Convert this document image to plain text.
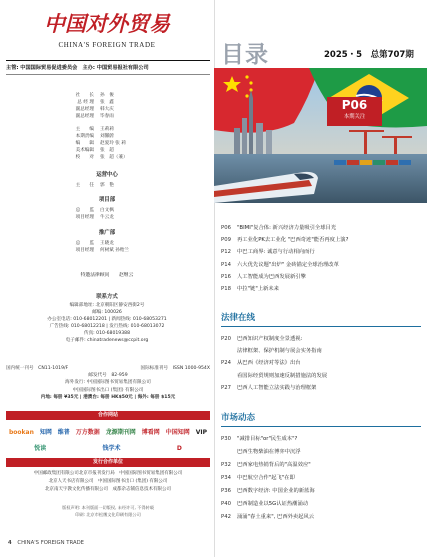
中国对外贸易
CHINA'S FOREIGN TRADE
主管: 中国国际贸易促进委员会　主办: 中国贸易报社有限公司
社　　长	孙　俊
总 经 理	张　鑫
副总经理	韩大庆
副总经理	毕春雨
主　　编	王莉莉
本期责编	刘馨蔚
编　　辑	赵爱玲 张 莉
美术编辑	张　超
校　　对	张　超（兼）
运营中心
主　　任	郭　艳
项目部
总　　监	白文枫
项目经理	牛云龙
推广部
总　　监	王晓龙
项目经理	何树斌 孙贻兰
特邀法律顾问　　赵继云
联系方式
编辑部地址: 北京朝阳区静安西街2号
邮编: 100026
办公室电话: 010-68012201 | 新闻热线: 010-68053271
广告热线: 010-68012218 | 发行热线: 010-68013072
传真: 010-68019388
电子邮件: chinatradenews@ccpit.org
国内统一刊号　CN11-1019/F	国际标准刊号　ISSN 1000-954X
邮发代号　82-959
海外发行: 中国国际图书贸易集团有限公司
中国国际图书出口 (集团) 有限公司
内地: 每册 ¥35元 | 港澳台: 每册 HK$50元 | 海外: 每册 $15元
合作网站
bookan 知网 维普 万方数据 龙源期刊网 博看网 中国知网 VIP
悦读	钱学术	D
发行合作单位
中国邮政集团有限公司北京市报刊发行局　中国国际图书贸易集团有限公司
北京人天书店有限公司　中国国际图书出口 (集团) 有限公司
北京南天宇教文化传播有限公司　成都杂志铺信息技术有限公司
版权声明: 本刊版面一切版权, 未经许可, 不得转载
印刷: 北京市松鹰文化印刷有限公司
4 CHINA'S FOREIGN TRADE
目录	2025・5　总第707期
P06
本期关注
P06	"BIMI"复合体: 新兴经济力量吸引全球目光
P09	再工业化PK去工业化 "巴西奇迹"能否再度上演?
P12	中巴工商界: 诚意与行动相向而行
P14	六大优先议题"出炉" 金砖锚定全球治理改革
P16	人工智能成为巴西发展新引擎
P18	中拉"链"上新未来
法律在线
P20	巴西知识产权制度全景透视:
法律框架、保护机制与展会实务指南
P24	从巴西《经济对等法》出台
看国际经贸规则加速反制措施法的发展
P27	巴西人工智能立法实践与治理框架
市场动态
P30	"减排目标"or"民生成本"?
巴西生物柴油在博弈中沉浮
P32	巴西家电热销背后的"高温效应"
P34	中巴航空合作"起飞"在即
P36	巴西数字经济: 中国企业的新蓝海
P40	巴西制造业以5G认证热潮涌动
P42	涌涌"春土重来", 巴西外卖起风云
